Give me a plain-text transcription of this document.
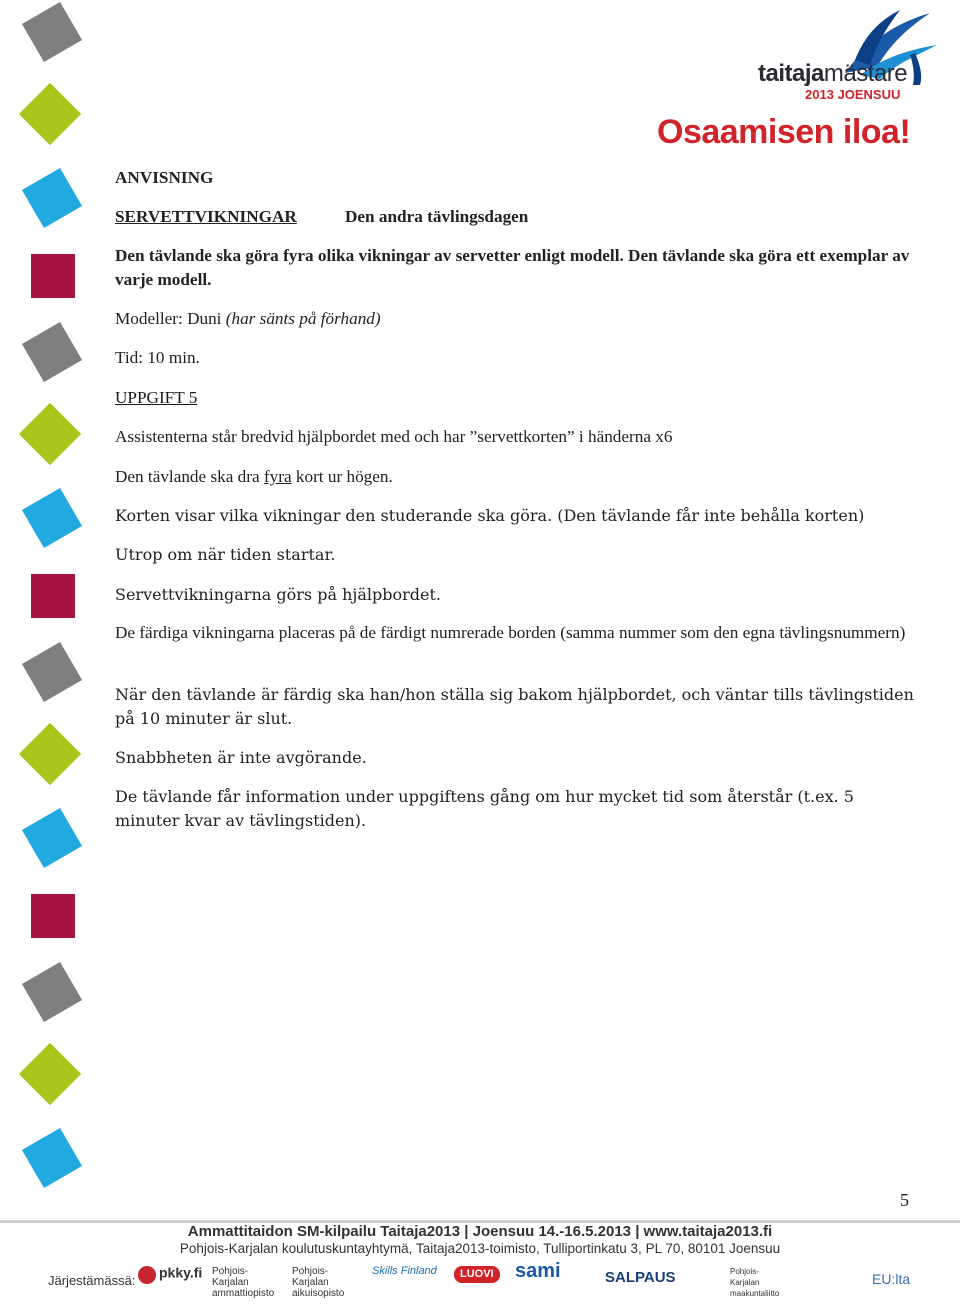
taitajamästare
2013 JOENSUU
Osaamisen iloa!

ANVISNING

SERVETTVIKNINGAR	Den andra tävlingsdagen

Den tävlande ska göra fyra olika vikningar av servetter enligt modell. Den tävlande ska göra ett exemplar av varje modell.

Modeller: Duni (har sänts på förhand)

Tid: 10 min.

UPPGIFT 5

Assistenterna står bredvid hjälpbordet med och har ”servettkorten” i händerna x6

Den tävlande ska dra fyra kort ur högen.

Korten visar vilka vikningar den studerande ska göra. (Den tävlande får inte behålla korten)

Utrop om när tiden startar.

Servettvikningarna görs på hjälpbordet.

De färdiga vikningarna placeras på de färdigt numrerade borden (samma nummer som den egna tävlingsnummern)

När den tävlande är färdig ska han/hon ställa sig bakom hjälpbordet, och väntar tills tävlingstiden på 10 minuter är slut.

Snabbheten är inte avgörande.

De tävlande får information under uppgiftens gång om hur mycket tid som återstår (t.ex. 5 minuter kvar av tävlingstiden).

5
Ammattitaidon SM-kilpailu Taitaja2013 | Joensuu 14.-16.5.2013 | www.taitaja2013.fi
Pohjois-Karjalan koulutuskuntayhtymä, Taitaja2013-toimisto, Tulliportinkatu 3, PL 70, 80101 Joensuu
Järjestämässä:	pkky.fi Pohjois-Karjalan ammattiopisto
Pohjois-Karjalan aikuisopisto
Skills Finland	LUOVI	sami	SALPAUS	Pohjois-Karjalan maakuntaliitto
EU:lta
